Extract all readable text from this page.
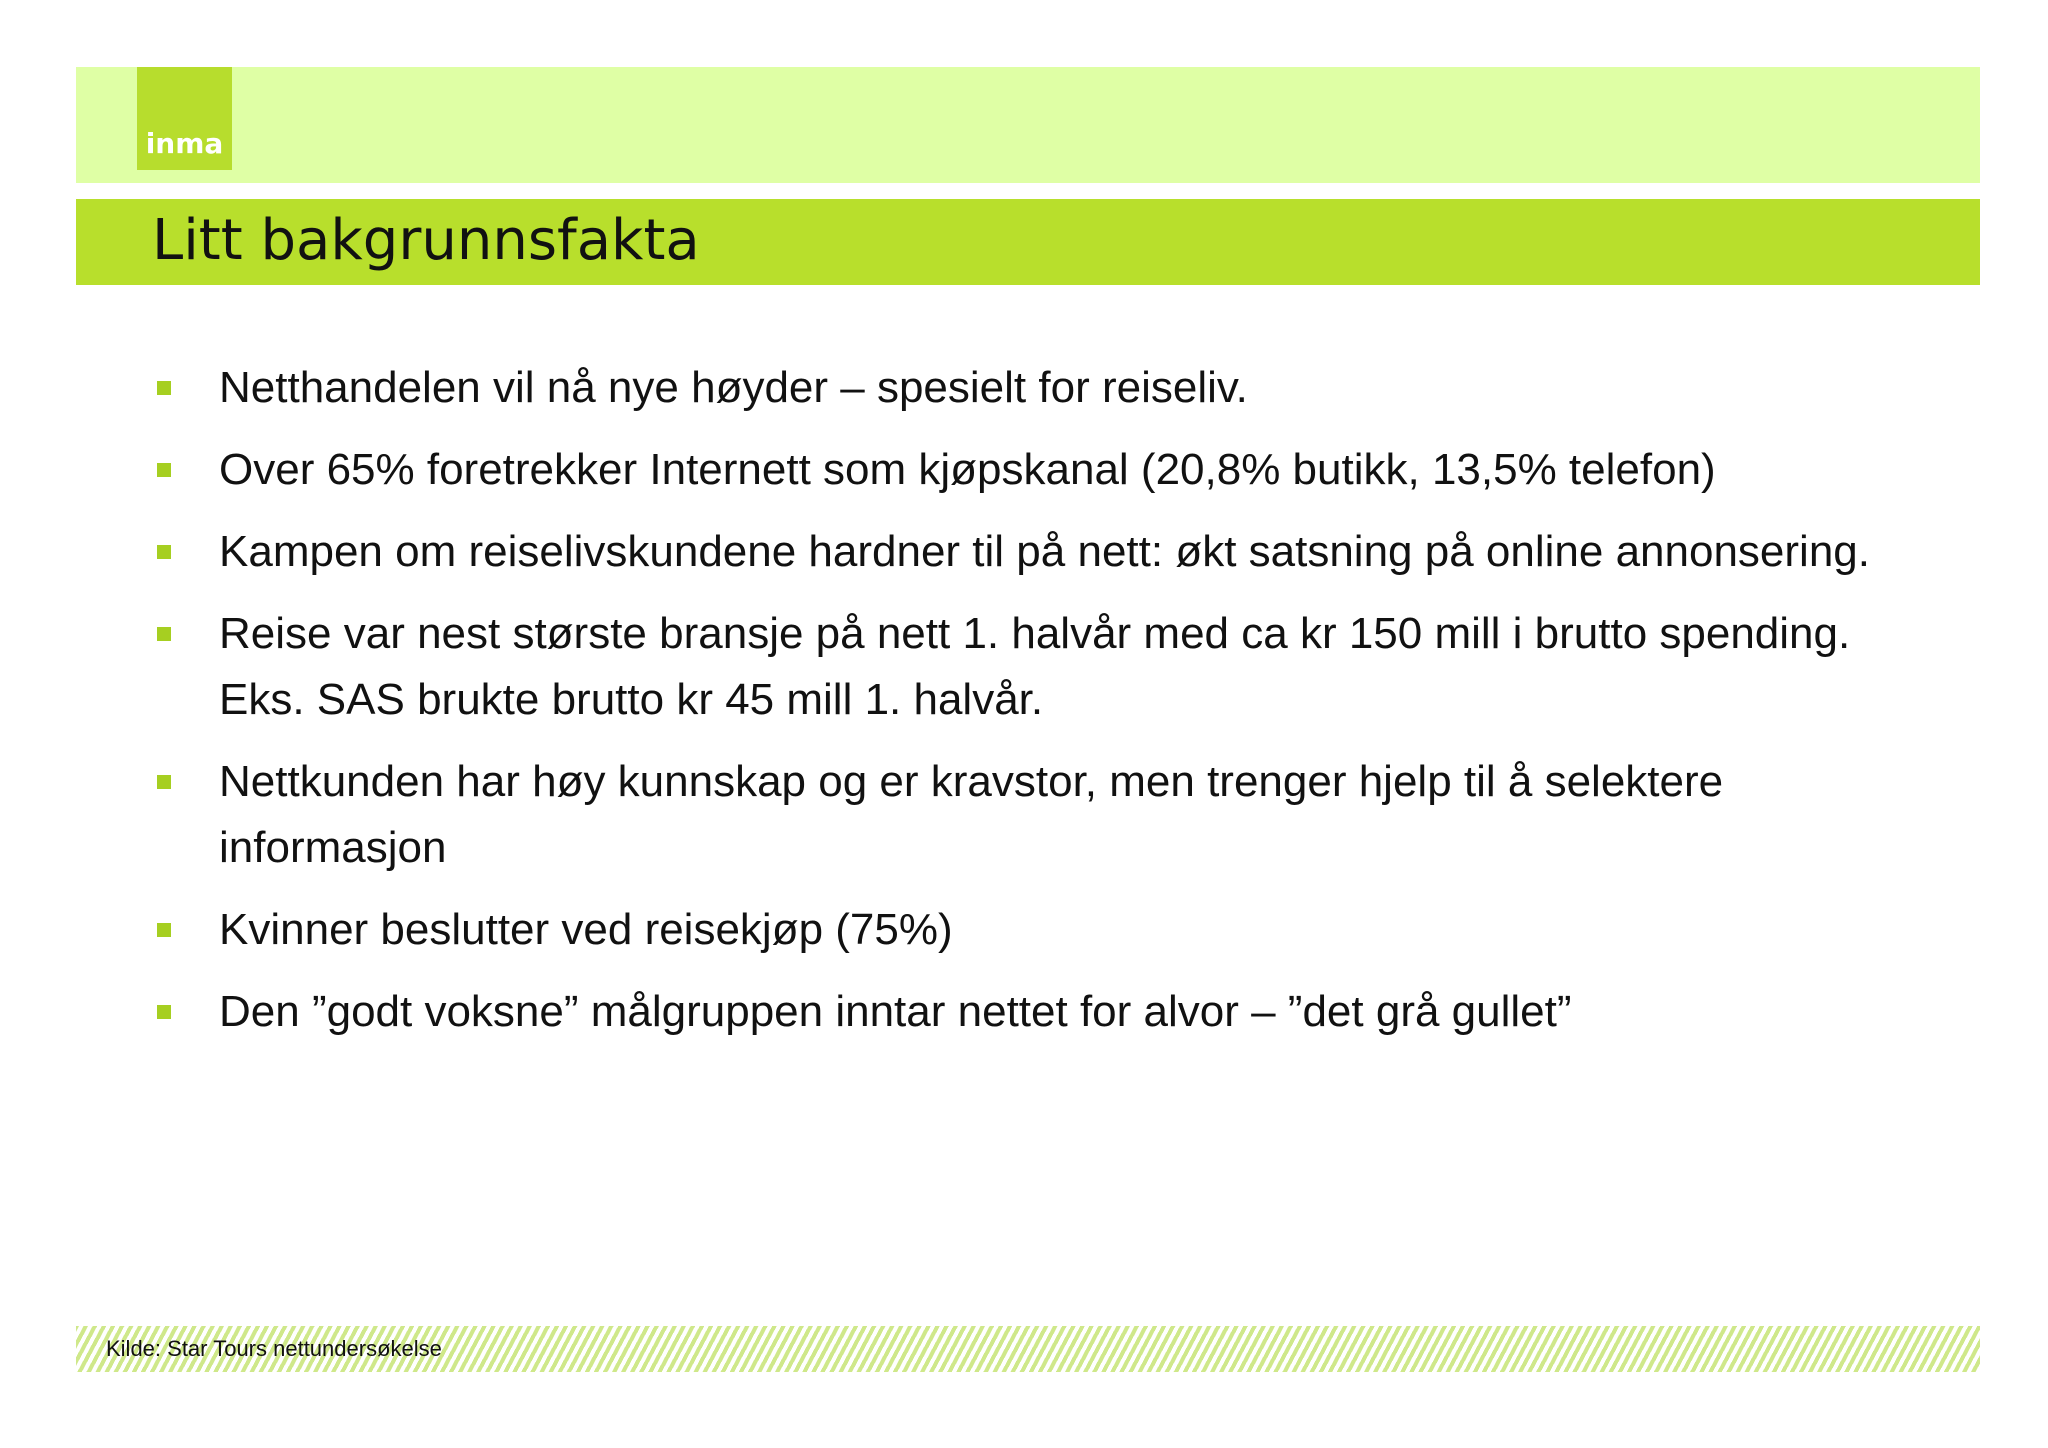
inma
Litt bakgrunnsfakta
Netthandelen vil nå nye høyder – spesielt for reiseliv.
Over 65% foretrekker Internett som kjøpskanal (20,8% butikk, 13,5% telefon)
Kampen om reiselivskundene hardner til på nett: økt satsning på online annonsering.
Reise var nest største bransje på nett 1. halvår med ca kr 150 mill i brutto spending. Eks. SAS brukte brutto kr 45 mill 1. halvår.
Nettkunden har høy kunnskap og er kravstor, men trenger hjelp til å selektere informasjon
Kvinner beslutter ved reisekjøp (75%)
Den ”godt voksne” målgruppen inntar nettet for alvor – ”det grå gullet”
Kilde: Star Tours nettundersøkelse
